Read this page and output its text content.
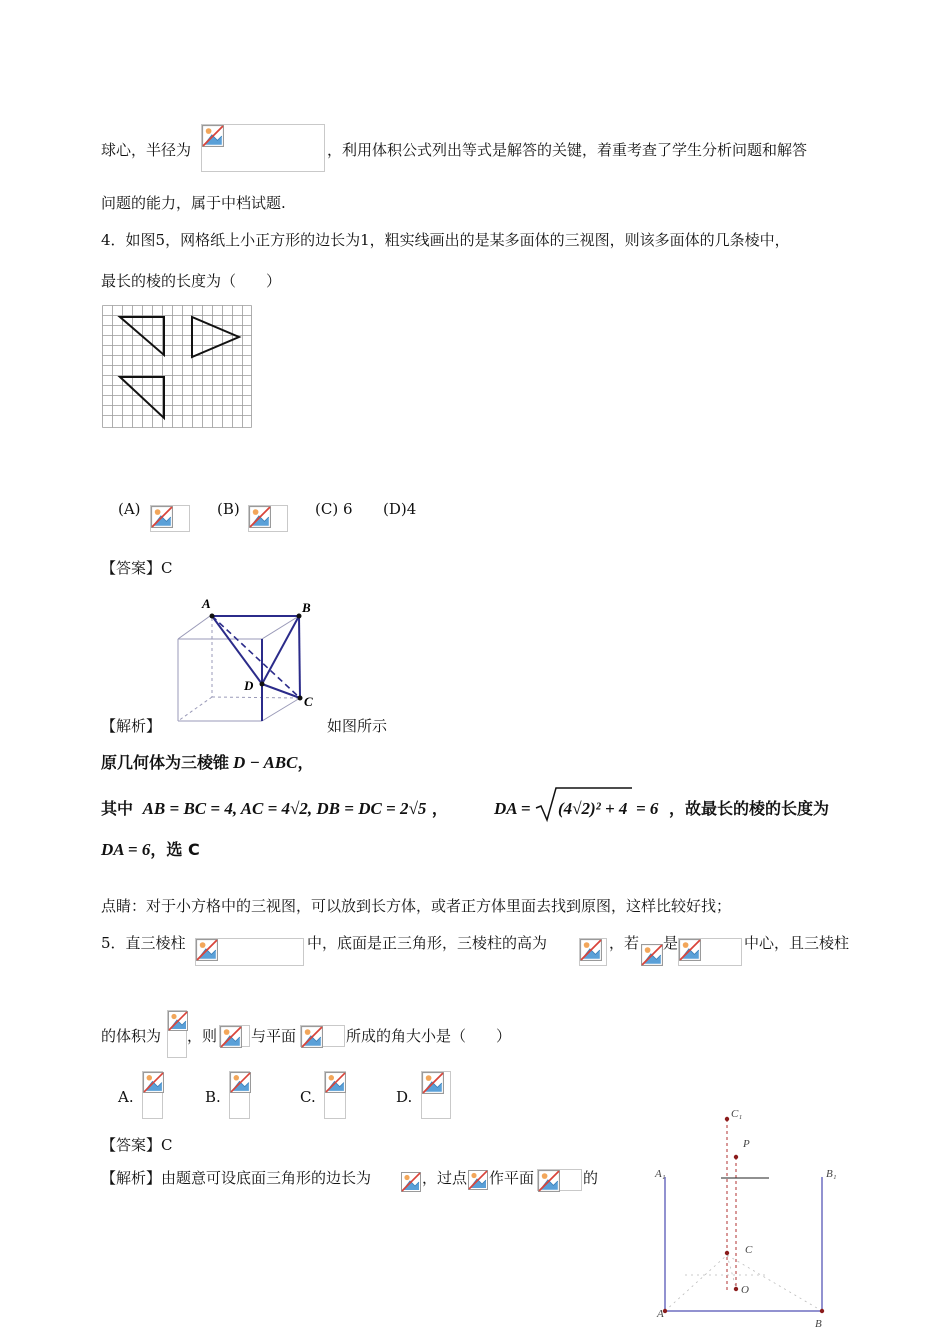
球心，半径为	，利用体积公式列出等式是解答的关键，着重考查了学生分析问题和解答
问题的能力，属于中档试题.
4．如图5，网格纸上小正方形的边长为1，粗实线画出的是某多面体的三视图，则该多面体的几条棱中，
最长的棱的长度为（　　）
(A)	(B)	(C) 6 (D)4
【答案】C
A	B
D
C
【解析】	如图所示
原几何体为三棱锥 D − ABC，
其中 AB = BC = 4, AC = 4√2, DB = DC = 2√5 ，	DA = (4√2)² + 4 = 6 ，故最长的棱的长度为
DA = 6，选 C
点睛：对于小方格中的三视图，可以放到长方体，或者正方体里面去找到原图，这样比较好找；
5．直三棱柱	中，底面是正三角形，三棱柱的高为	，若 是	中心，且三棱柱
的体积为 ，则 与平面	所成的角大小是（　　）
A.	B.	C.	D.
【答案】C
【解析】由题意可设底面三角形的边长为	，过点 作平面	的
C₁
P
A₁	B₁
C
O
A
B
